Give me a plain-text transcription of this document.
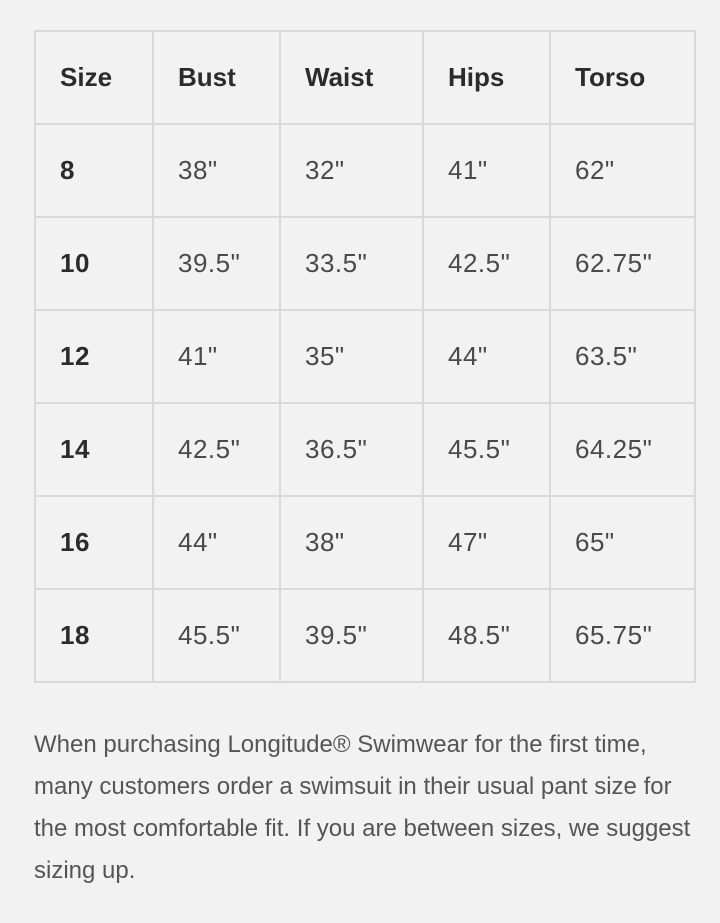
Size	Bust	Waist	Hips	Torso
8	38"	32"	41"	62"
10	39.5"	33.5"	42.5"	62.75"
12	41"	35"	44"	63.5"
14	42.5"	36.5"	45.5"	64.25"
16	44"	38"	47"	65"
18	45.5"	39.5"	48.5"	65.75"

When purchasing Longitude® Swimwear for the first time, many customers order a swimsuit in their usual pant size for the most comfortable fit. If you are between sizes, we suggest sizing up.
